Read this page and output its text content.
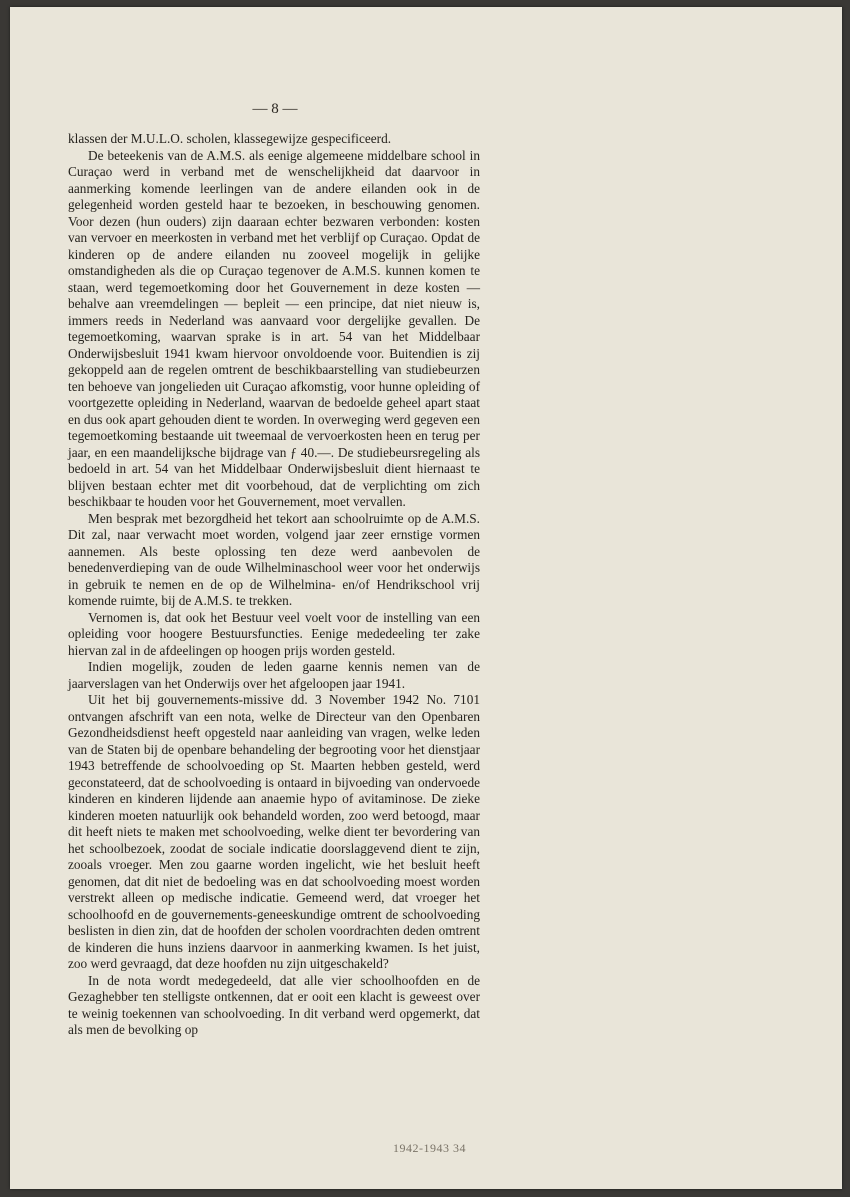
— 8 —

klassen der M.U.L.O. scholen, klassegewijze gespecificeerd.

De beteekenis van de A.M.S. als eenige algemeene middelbare school in Curaçao werd in verband met de wenschelijkheid dat daarvoor in aanmerking komende leerlingen van de andere eilanden ook in de gelegenheid worden gesteld haar te bezoeken, in beschouwing genomen. Voor dezen (hun ouders) zijn daaraan echter bezwaren verbonden: kosten van vervoer en meerkosten in verband met het verblijf op Curaçao. Opdat de kinderen op de andere eilanden nu zooveel mogelijk in gelijke omstandigheden als die op Curaçao tegenover de A.M.S. kunnen komen te staan, werd tegemoetkoming door het Gouvernement in deze kosten — behalve aan vreemdelingen — bepleit — een principe, dat niet nieuw is, immers reeds in Nederland was aanvaard voor dergelijke gevallen. De tegemoetkoming, waarvan sprake is in art. 54 van het Middelbaar Onderwijsbesluit 1941 kwam hiervoor onvoldoende voor. Buitendien is zij gekoppeld aan de regelen omtrent de beschikbaarstelling van studiebeurzen ten behoeve van jongelieden uit Curaçao afkomstig, voor hunne opleiding of voortgezette opleiding in Nederland, waarvan de bedoelde geheel apart staat en dus ook apart gehouden dient te worden. In overweging werd gegeven een tegemoetkoming bestaande uit tweemaal de vervoerkosten heen en terug per jaar, en een maandelijksche bijdrage van ƒ 40.—. De studiebeursregeling als bedoeld in art. 54 van het Middelbaar Onderwijsbesluit dient hiernaast te blijven bestaan echter met dit voorbehoud, dat de verplichting om zich beschikbaar te houden voor het Gouvernement, moet vervallen.

Men besprak met bezorgdheid het tekort aan schoolruimte op de A.M.S. Dit zal, naar verwacht moet worden, volgend jaar zeer ernstige vormen aannemen. Als beste oplossing ten deze werd aanbevolen de benedenverdieping van de oude Wilhelminaschool weer voor het onderwijs in gebruik te nemen en de op de Wilhelmina- en/of Hendrikschool vrij komende ruimte, bij de A.M.S. te trekken.

Vernomen is, dat ook het Bestuur veel voelt voor de instelling van een opleiding voor hoogere Bestuursfuncties. Eenige mededeeling ter zake hiervan zal in de afdeelingen op hoogen prijs worden gesteld.

Indien mogelijk, zouden de leden gaarne kennis nemen van de jaarverslagen van het Onderwijs over het afgeloopen jaar 1941.

Uit het bij gouvernements-missive dd. 3 November 1942 No. 7101 ontvangen afschrift van een nota, welke de Directeur van den Openbaren Gezondheidsdienst heeft opgesteld naar aanleiding van vragen, welke leden van de Staten bij de openbare behandeling der begrooting voor het dienstjaar 1943 betreffende de schoolvoeding op St. Maarten hebben gesteld, werd geconstateerd, dat de schoolvoeding is ontaard in bijvoeding van ondervoede kinderen en kinderen lijdende aan anaemie hypo of avitaminose. De zieke kinderen moeten natuurlijk ook behandeld worden, zoo werd betoogd, maar dit heeft niets te maken met schoolvoeding, welke dient ter bevordering van het schoolbezoek, zoodat de sociale indicatie doorslaggevend dient te zijn, zooals vroeger. Men zou gaarne worden ingelicht, wie het besluit heeft genomen, dat dit niet de bedoeling was en dat schoolvoeding moest worden verstrekt alleen op medische indicatie. Gemeend werd, dat vroeger het schoolhoofd en de gouvernements-geneeskundige omtrent de schoolvoeding beslisten in dien zin, dat de hoofden der scholen voordrachten deden omtrent de kinderen die huns inziens daarvoor in aanmerking kwamen. Is het juist, zoo werd gevraagd, dat deze hoofden nu zijn uitgeschakeld?

In de nota wordt medegedeeld, dat alle vier schoolhoofden en de Gezaghebber ten stelligste ontkennen, dat er ooit een klacht is geweest over te weinig toekennen van schoolvoeding. In dit verband werd opgemerkt, dat als men de bevolking op

1942-1943 34
